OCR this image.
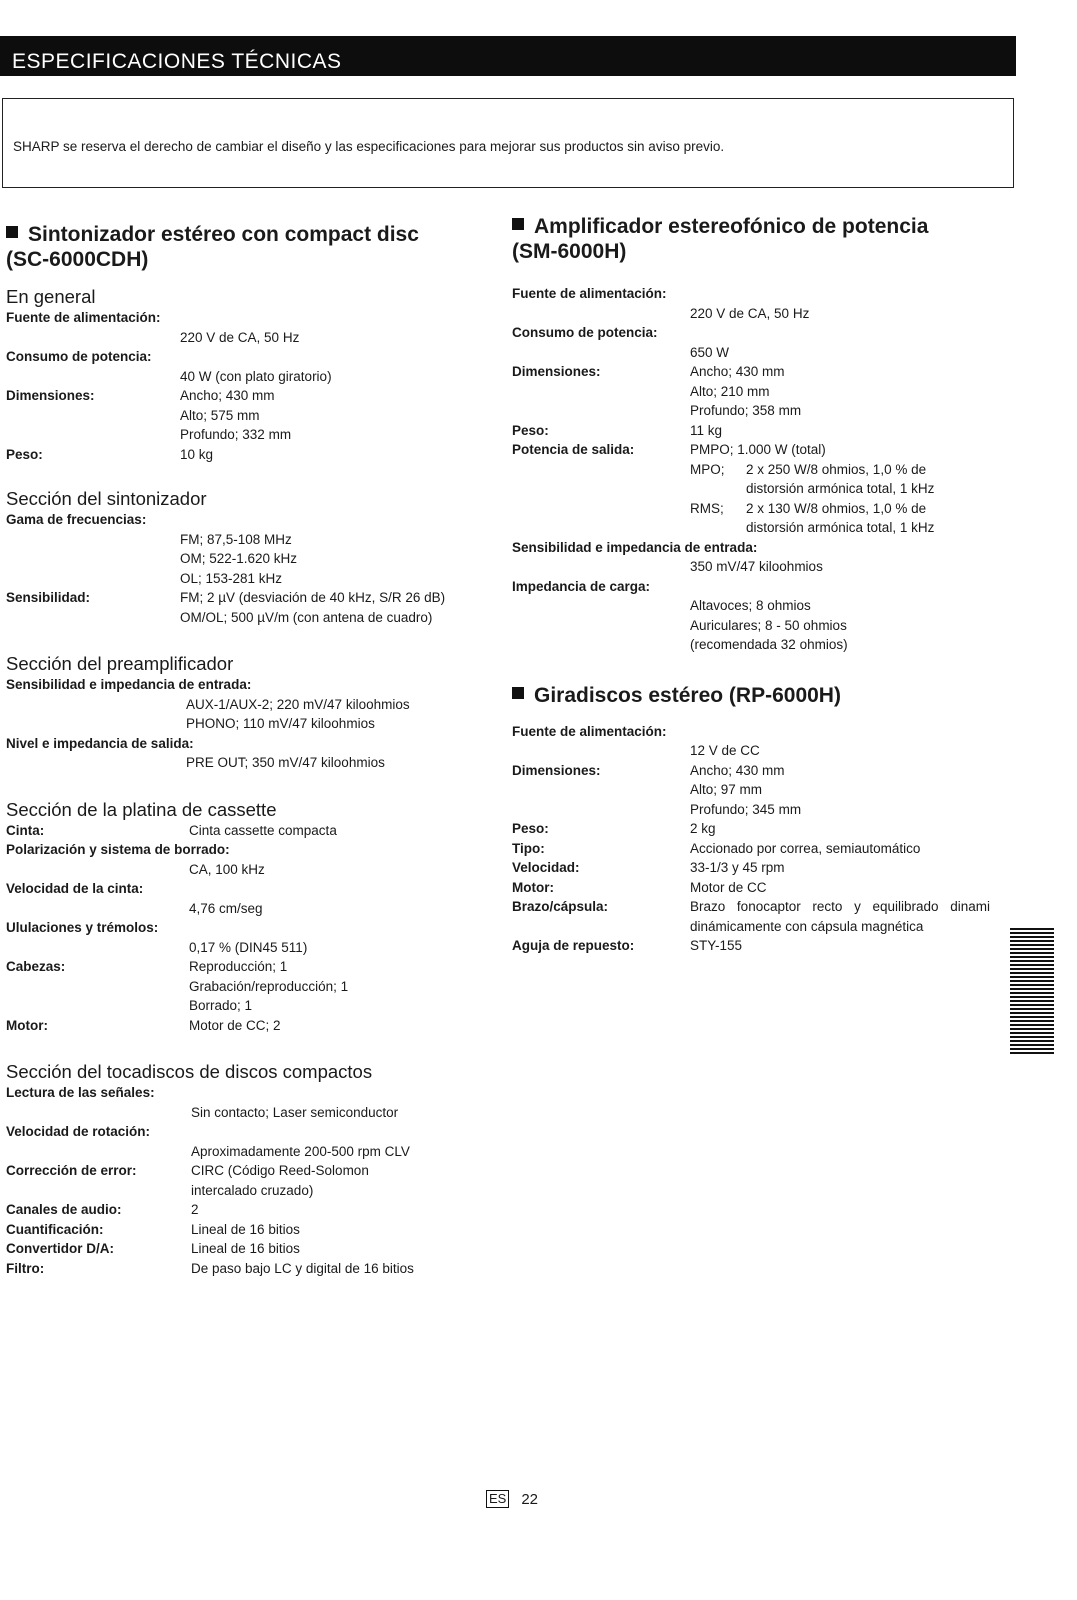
ESPECIFICACIONES TÉCNICAS
SHARP se reserva el derecho de cambiar el diseño y las especificaciones para mejorar sus productos sin aviso previo.
Sintonizador estéreo con compact disc
(SC-6000CDH)
En general
Fuente de alimentación:
220 V de CA, 50 Hz
Consumo de potencia:
40 W (con plato giratorio)
Dimensiones:	Ancho; 430 mm
Alto; 575 mm
Profundo; 332 mm
Peso:	10 kg
Sección del sintonizador
Gama de frecuencias:
FM; 87,5-108 MHz
OM; 522-1.620 kHz
OL; 153-281 kHz
Sensibilidad:	FM; 2 µV (desviación de 40 kHz, S/R 26 dB)
OM/OL; 500 µV/m (con antena de cuadro)
Sección del preamplificador
Sensibilidad e impedancia de entrada:
AUX-1/AUX-2; 220 mV/47 kiloohmios
PHONO; 110 mV/47 kiloohmios
Nivel e impedancia de salida:
PRE OUT; 350 mV/47 kiloohmios
Sección de la platina de cassette
Cinta:	Cinta cassette compacta
Polarización y sistema de borrado:
CA, 100 kHz
Velocidad de la cinta:
4,76 cm/seg
Ululaciones y trémolos:
0,17 % (DIN45 511)
Cabezas:	Reproducción; 1
Grabación/reproducción; 1
Borrado; 1
Motor:	Motor de CC; 2
Sección del tocadiscos de discos compactos
Lectura de las señales:
Sin contacto; Laser semiconductor
Velocidad de rotación:
Aproximadamente 200-500 rpm CLV
Corrección de error:	CIRC (Código Reed-Solomon intercalado cruzado)
Canales de audio:	2
Cuantificación:	Lineal de 16 bitios
Convertidor D/A:	Lineal de 16 bitios
Filtro:	De paso bajo LC y digital de 16 bitios
Amplificador estereofónico de potencia
(SM-6000H)
Fuente de alimentación:
220 V de CA, 50 Hz
Consumo de potencia:
650 W
Dimensiones:	Ancho; 430 mm
Alto; 210 mm
Profundo; 358 mm
Peso:	11 kg
Potencia de salida:	PMPO; 1.000 W (total)
MPO;	2 x 250 W/8 ohmios, 1,0 % de
distorsión armónica total, 1 kHz
RMS;	2 x 130 W/8 ohmios, 1,0 % de
distorsión armónica total, 1 kHz
Sensibilidad e impedancia de entrada:
350 mV/47 kiloohmios
Impedancia de carga:
Altavoces; 8 ohmios
Auriculares; 8 - 50 ohmios
(recomendada 32 ohmios)
Giradiscos estéreo (RP-6000H)
Fuente de alimentación:
12 V de CC
Dimensiones:	Ancho; 430 mm
Alto; 97 mm
Profundo; 345 mm
Peso:	2 kg
Tipo:	Accionado por correa, semiautomático
Velocidad:	33-1/3 y 45 rpm
Motor:	Motor de CC
Brazo/cápsula:	Brazo fonocaptor recto y equilibrado dinami dinámicamente con cápsula magnética
Aguja de repuesto:	STY-155
ES 22
